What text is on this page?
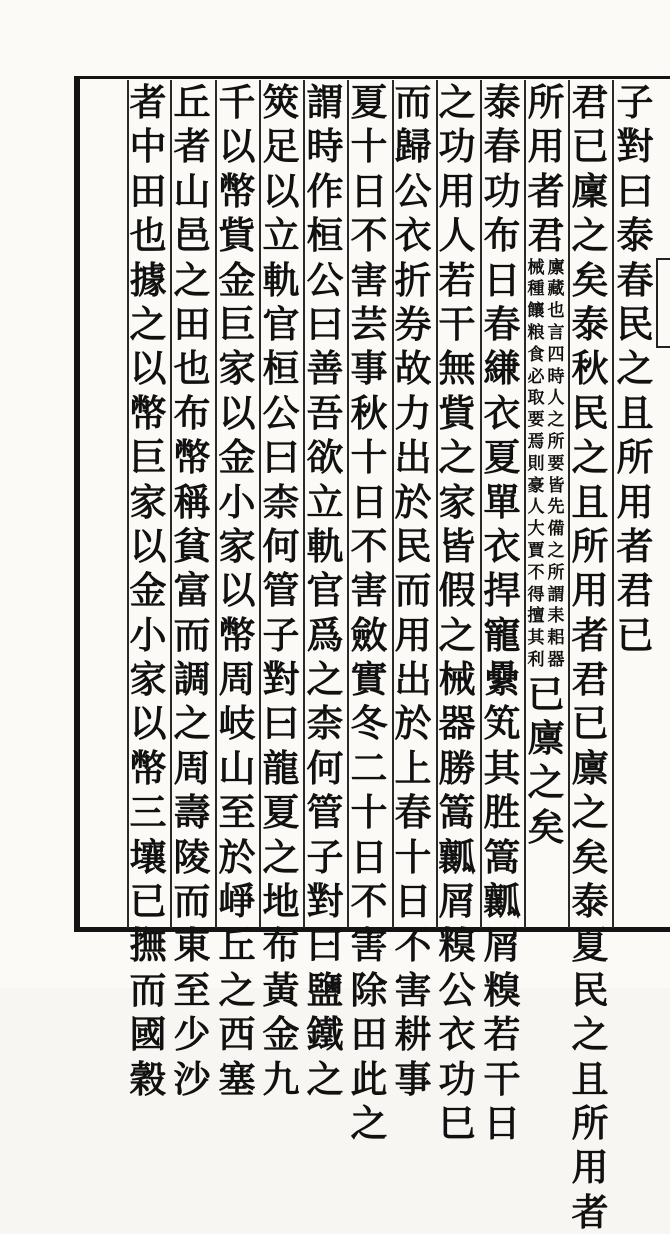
子
對
曰
泰
春
民
之
且
所
用
者
君
已
君
已
廩
之
矣
泰
秋
民
之
且
所
用
者
君
已
廪
之
矣
泰
夏
民
之
且
所
用
者
所
用
者
君
廪
藏
也
言
四
時
人
之
所
要
皆
先
備
之
所
謂
耒
耜
器
械
種
饟
粮
食
必
取
要
焉
則
豪
人
大
賈
不
得
擅
其
利
已
廪
之
矣
泰
春
功
布
日
春
縑
衣
夏
單
衣
捍
寵
纍
笂
其
胜
篙
瓤
屑
糗
若
干
日
之
功
用
人
若
干
無
貲
之
家
皆
假
之
械
器
勝
篙
瓤
屑
糗
公
衣
功
巳
而
歸
公
衣
折
券
故
力
出
於
民
而
用
出
於
上
春
十
日
不
害
耕
事
夏
十
日
不
害
芸
事
秋
十
日
不
害
斂
實
冬
二
十
日
不
害
除
田
此
之
謂
時
作
桓
公
曰
善
吾
欲
立
軌
官
爲
之
柰
何
管
子
對
曰
鹽
鐵
之
筴
足
以
立
軌
官
桓
公
曰
柰
何
管
子
對
曰
龍
夏
之
地
布
黃
金
九
千
以
幣
貲
金
巨
家
以
金
小
家
以
幣
周
岐
山
至
於
崢
丘
之
西
塞
丘
者
山
邑
之
田
也
布
幣
稱
貧
富
而
調
之
周
壽
陵
而
東
至
少
沙
者
中
田
也
據
之
以
幣
巨
家
以
金
小
家
以
幣
三
壤
已
撫
而
國
穀
